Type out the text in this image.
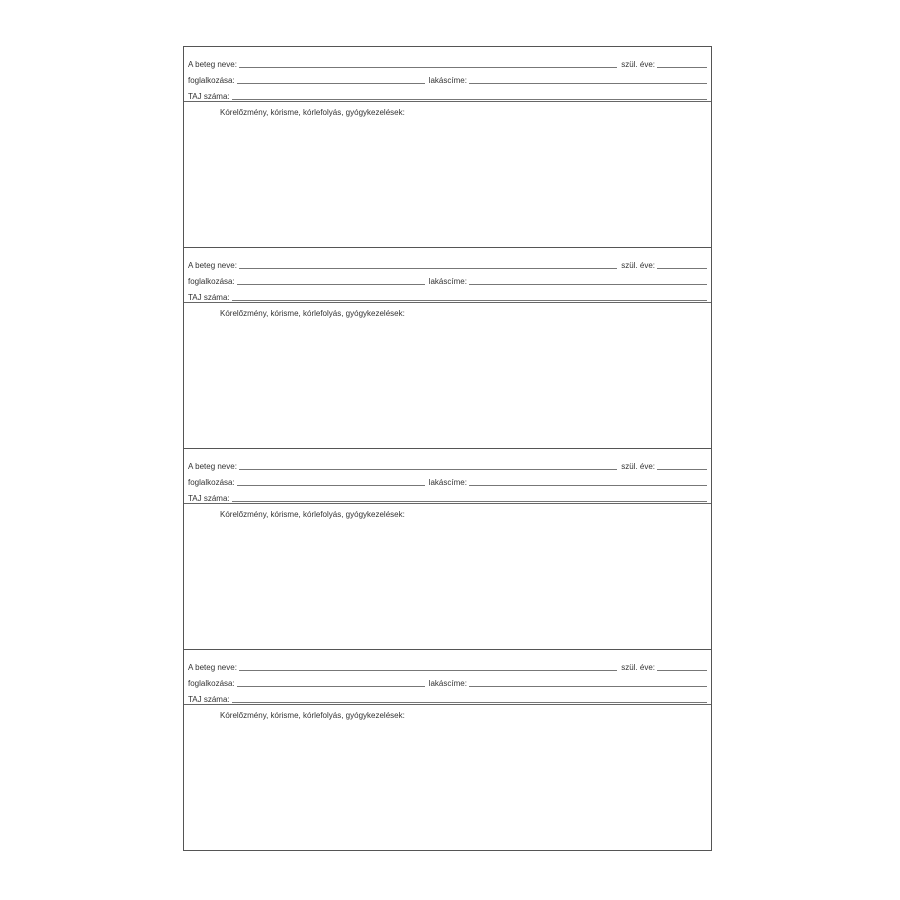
A beteg neve:	szül. éve:
foglalkozása:	lakáscíme:
TAJ száma:
Kórelőzmény, kórisme, kórlefolyás, gyógykezelések:
A beteg neve:	szül. éve:
foglalkozása:	lakáscíme:
TAJ száma:
Kórelőzmény, kórisme, kórlefolyás, gyógykezelések:
A beteg neve:	szül. éve:
foglalkozása:	lakáscíme:
TAJ száma:
Kórelőzmény, kórisme, kórlefolyás, gyógykezelések:
A beteg neve:	szül. éve:
foglalkozása:	lakáscíme:
TAJ száma:
Kórelőzmény, kórisme, kórlefolyás, gyógykezelések:
